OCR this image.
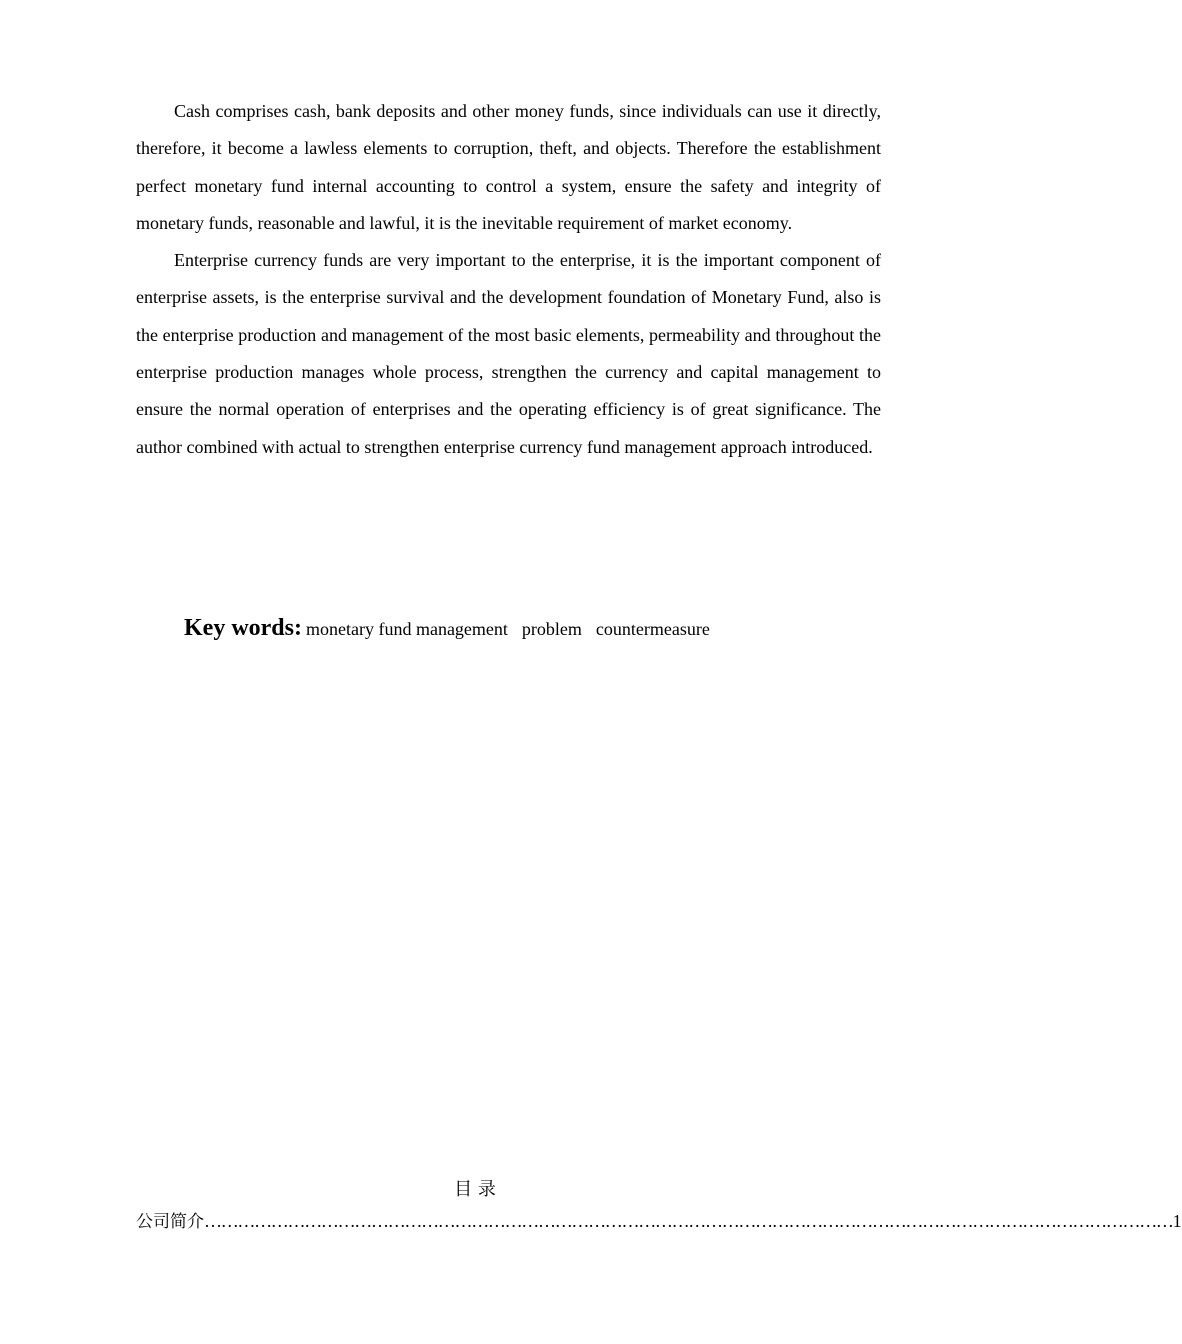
Cash comprises cash, bank deposits and other money funds, since individuals can use it directly, therefore, it become a lawless elements to corruption, theft, and objects. Therefore the establishment perfect monetary fund internal accounting to control a system, ensure the safety and integrity of monetary funds, reasonable and lawful, it is the inevitable requirement of market economy.

Enterprise currency funds are very important to the enterprise, it is the important component of enterprise assets, is the enterprise survival and the development foundation of Monetary Fund, also is the enterprise production and management of the most basic elements, permeability and throughout the enterprise production manages whole process, strengthen the currency and capital management to ensure the normal operation of enterprises and the operating efficiency is of great significance. The author combined with actual to strengthen enterprise currency fund management approach introduced.

Key words: monetary fund management problem countermeasure
目 录
公司简介 ………………………………………………………………………………………………………………………………………………………… 1
